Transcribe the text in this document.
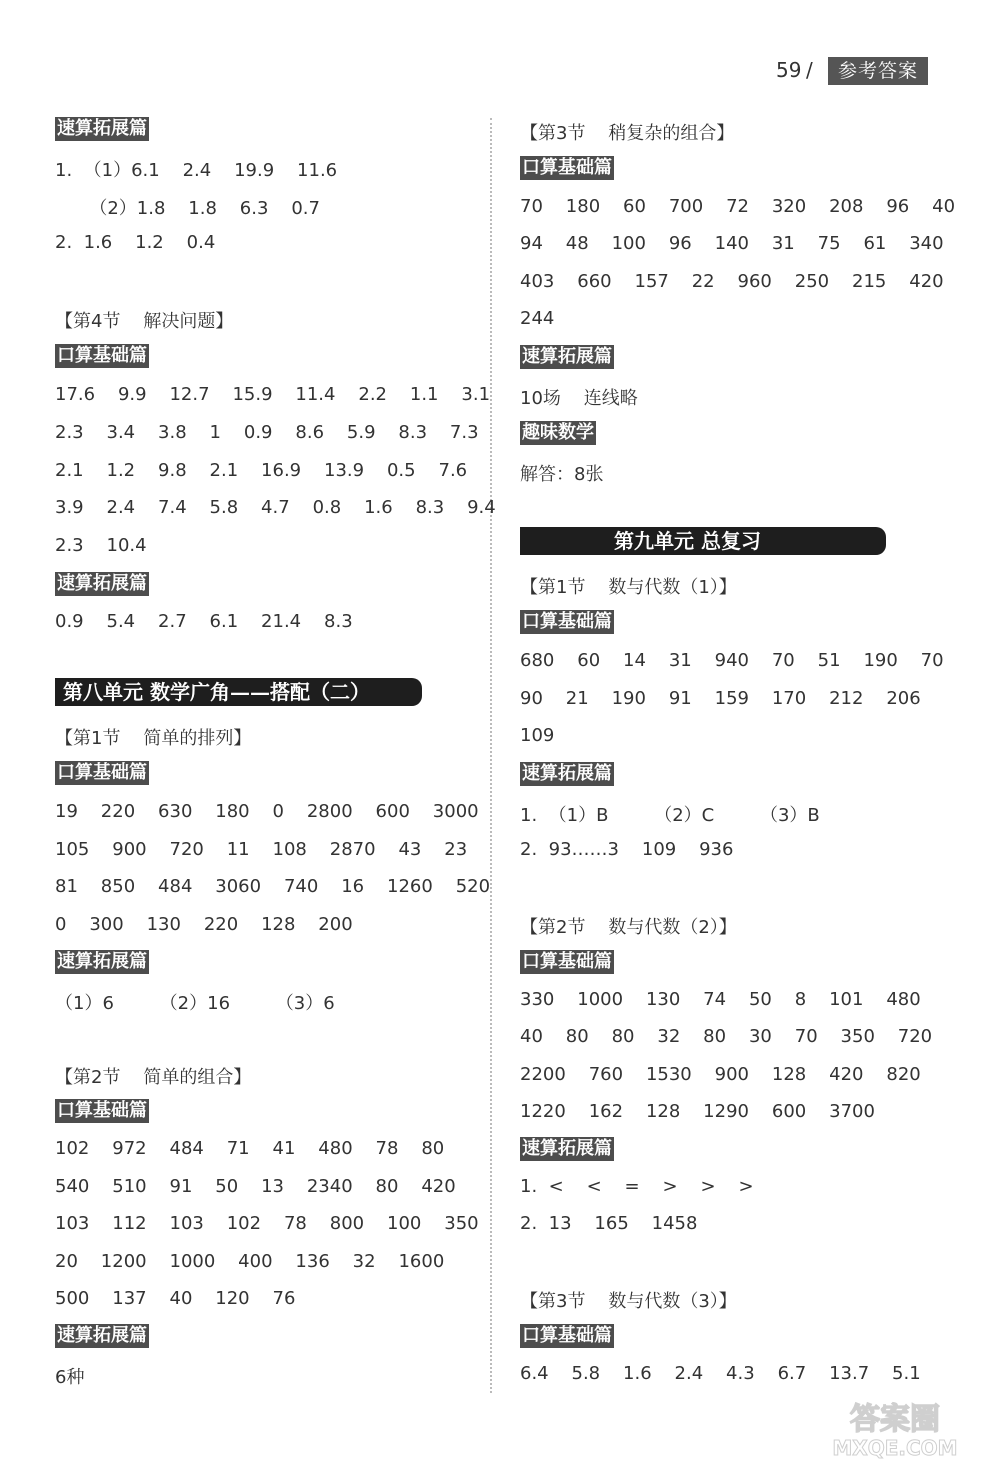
59 /	参考答案
速算拓展篇
1.  （1）6.1    2.4    19.9    11.6
（2）1.8    1.8    6.3    0.7
2.  1.6    1.2    0.4
【第4节    解决问题】
口算基础篇
17.6    9.9    12.7    15.9    11.4    2.2    1.1    3.1
2.3    3.4    3.8    1    0.9    8.6    5.9    8.3    7.3
2.1    1.2    9.8    2.1    16.9    13.9    0.5    7.6
3.9    2.4    7.4    5.8    4.7    0.8    1.6    8.3    9.4
2.3    10.4
速算拓展篇
0.9    5.4    2.7    6.1    21.4    8.3
第八单元 数学广角——搭配（二）
【第1节    简单的排列】
口算基础篇
19    220    630    180    0    2800    600    3000
105    900    720    11    108    2870    43    23
81    850    484    3060    740    16    1260    520
0    300    130    220    128    200
速算拓展篇
（1）6        （2）16        （3）6
【第2节    简单的组合】
口算基础篇
102    972    484    71    41    480    78    80
540    510    91    50    13    2340    80    420
103    112    103    102    78    800    100    350
20    1200    1000    400    136    32    1600
500    137    40    120    76
速算拓展篇
6种
【第3节    稍复杂的组合】
口算基础篇
70    180    60    700    72    320    208    96    40
94    48    100    96    140    31    75    61    340
403    660    157    22    960    250    215    420
244
速算拓展篇
10场    连线略
趣味数学
解答：8张
第九单元 总复习
【第1节    数与代数（1）】
口算基础篇
680    60    14    31    940    70    51    190    70
90    21    190    91    159    170    212    206
109
速算拓展篇
1.  （1）B        （2）C        （3）B
2.  93……3    109    936
【第2节    数与代数（2）】
口算基础篇
330    1000    130    74    50    8    101    480
40    80    80    32    80    30    70    350    720
2200    760    1530    900    128    420    820
1220    162    128    1290    600    3700
速算拓展篇
1.  <    <    =    >    >    >
2.  13    165    1458
【第3节    数与代数（3）】
口算基础篇
6.4    5.8    1.6    2.4    4.3    6.7    13.7    5.1
答案圈
MXQE.COM
